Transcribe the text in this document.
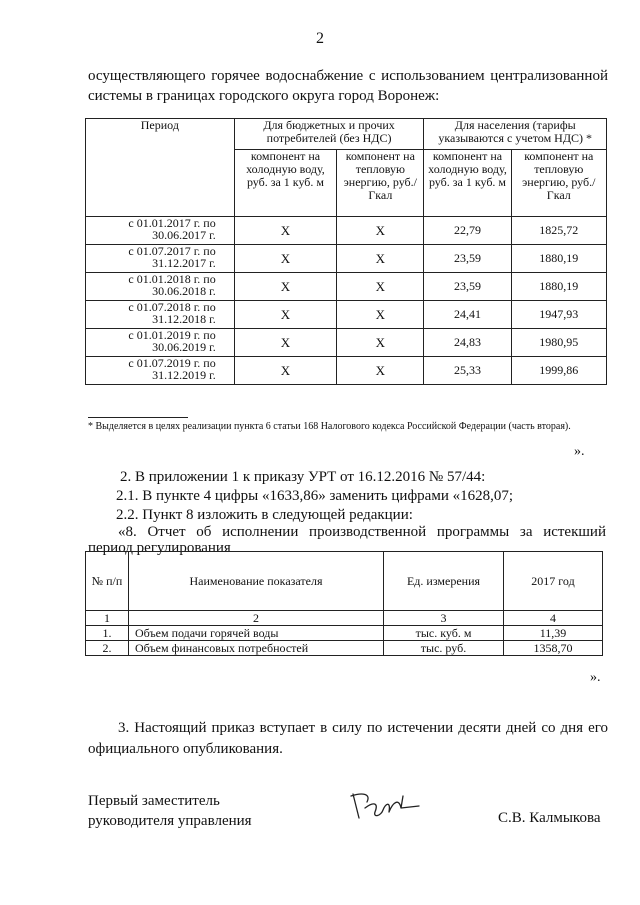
2
осуществляющего горячее водоснабжение с использованием централизованной системы в границах городского округа город Воронеж:
Период	Для бюджетных и прочих потребителей (без НДС)		Для населения (тарифы указываются с учетом НДС) *	
	компонент на холодную воду, руб. за 1 куб. м	компонент на тепловую энергию, руб./Гкал	компонент на холодную воду, руб. за 1 куб. м	компонент на тепловую энергию, руб./Гкал
с 01.01.2017 г. по 30.06.2017 г.	Х	Х	22,79	1825,72
с 01.07.2017 г. по 31.12.2017 г.	Х	Х	23,59	1880,19
с 01.01.2018 г. по 30.06.2018 г.	Х	Х	23,59	1880,19
с 01.07.2018 г. по 31.12.2018 г.	Х	Х	24,41	1947,93
с 01.01.2019 г. по 30.06.2019 г.	Х	Х	24,83	1980,95
с 01.07.2019 г. по 31.12.2019 г.	Х	Х	25,33	1999,86
* Выделяется в целях реализации пункта 6 статьи 168 Налогового кодекса Российской Федерации (часть вторая).
».
2. В приложении 1 к приказу УРТ от 16.12.2016 № 57/44:
2.1. В пункте 4 цифры «1633,86» заменить цифрами «1628,07;
2.2. Пункт 8 изложить в следующей редакции:
«8. Отчет об исполнении производственной программы за истекший период регулирования
№ п/п	Наименование показателя	Ед. измерения	2017 год
1	2	3	4
1.	Объем подачи горячей воды	тыс. куб. м	11,39
2.	Объем финансовых потребностей	тыс. руб.	1358,70
».
3. Настоящий приказ вступает в силу по истечении десяти дней со дня его официального опубликования.
Первый заместитель
руководителя управления	С.В. Калмыкова
